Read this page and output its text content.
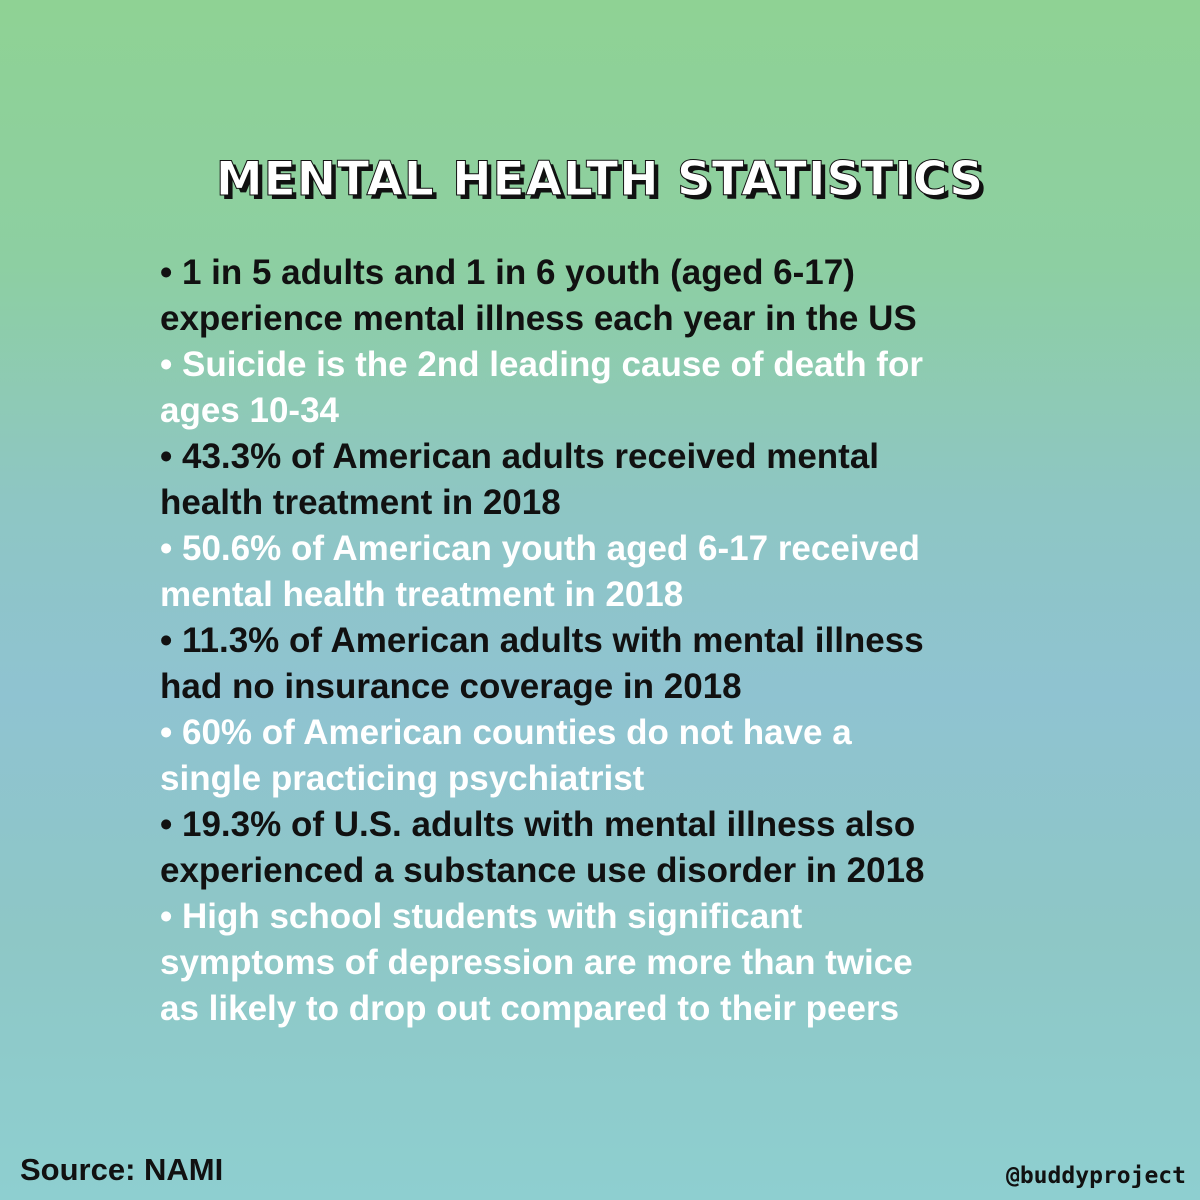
MENTAL HEALTH STATISTICS
• 1 in 5 adults and 1 in 6 youth (aged 6-17)
experience mental illness each year in the US
• Suicide is the 2nd leading cause of death for
ages 10-34
• 43.3% of American adults received mental
health treatment in 2018
• 50.6% of American youth aged 6-17 received
mental health treatment in 2018
• 11.3% of American adults with mental illness
had no insurance coverage in 2018
• 60% of American counties do not have a
single practicing psychiatrist
• 19.3% of U.S. adults with mental illness also
experienced a substance use disorder in 2018
• High school students with significant
symptoms of depression are more than twice
as likely to drop out compared to their peers
Source: NAMI	@buddyproject
